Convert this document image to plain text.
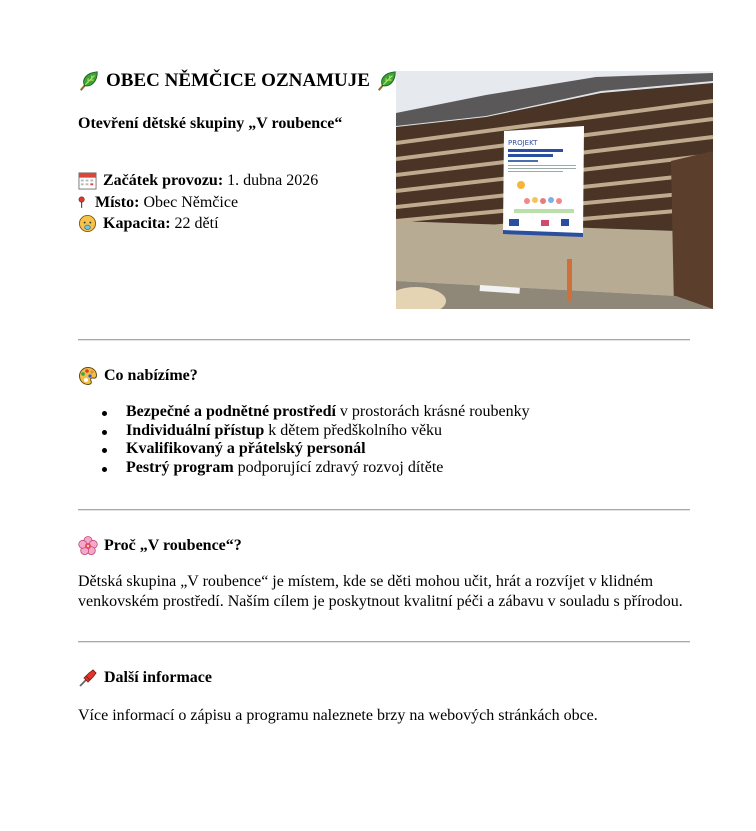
OBEC NĚMČICE OZNAMUJE

Otevření dětské skupiny „V roubence“

Začátek provozu: 1. dubna 2026
Místo: Obec Němčice
Kapacita: 22 dětí
PROJEKT
Co nabízíme?
Bezpečné a podnětné prostředí v prostorách krásné roubenky
Individuální přístup k dětem předškolního věku
Kvalifikovaný a přátelský personál
Pestrý program podporující zdravý rozvoj dítěte
Proč „V roubence“?

Dětská skupina „V roubence“ je místem, kde se děti mohou učit, hrát a rozvíjet v klidném venkovském prostředí. Naším cílem je poskytnout kvalitní péči a zábavu v souladu s přírodou.

Další informace

Více informací o zápisu a programu naleznete brzy na webových stránkách obce.
